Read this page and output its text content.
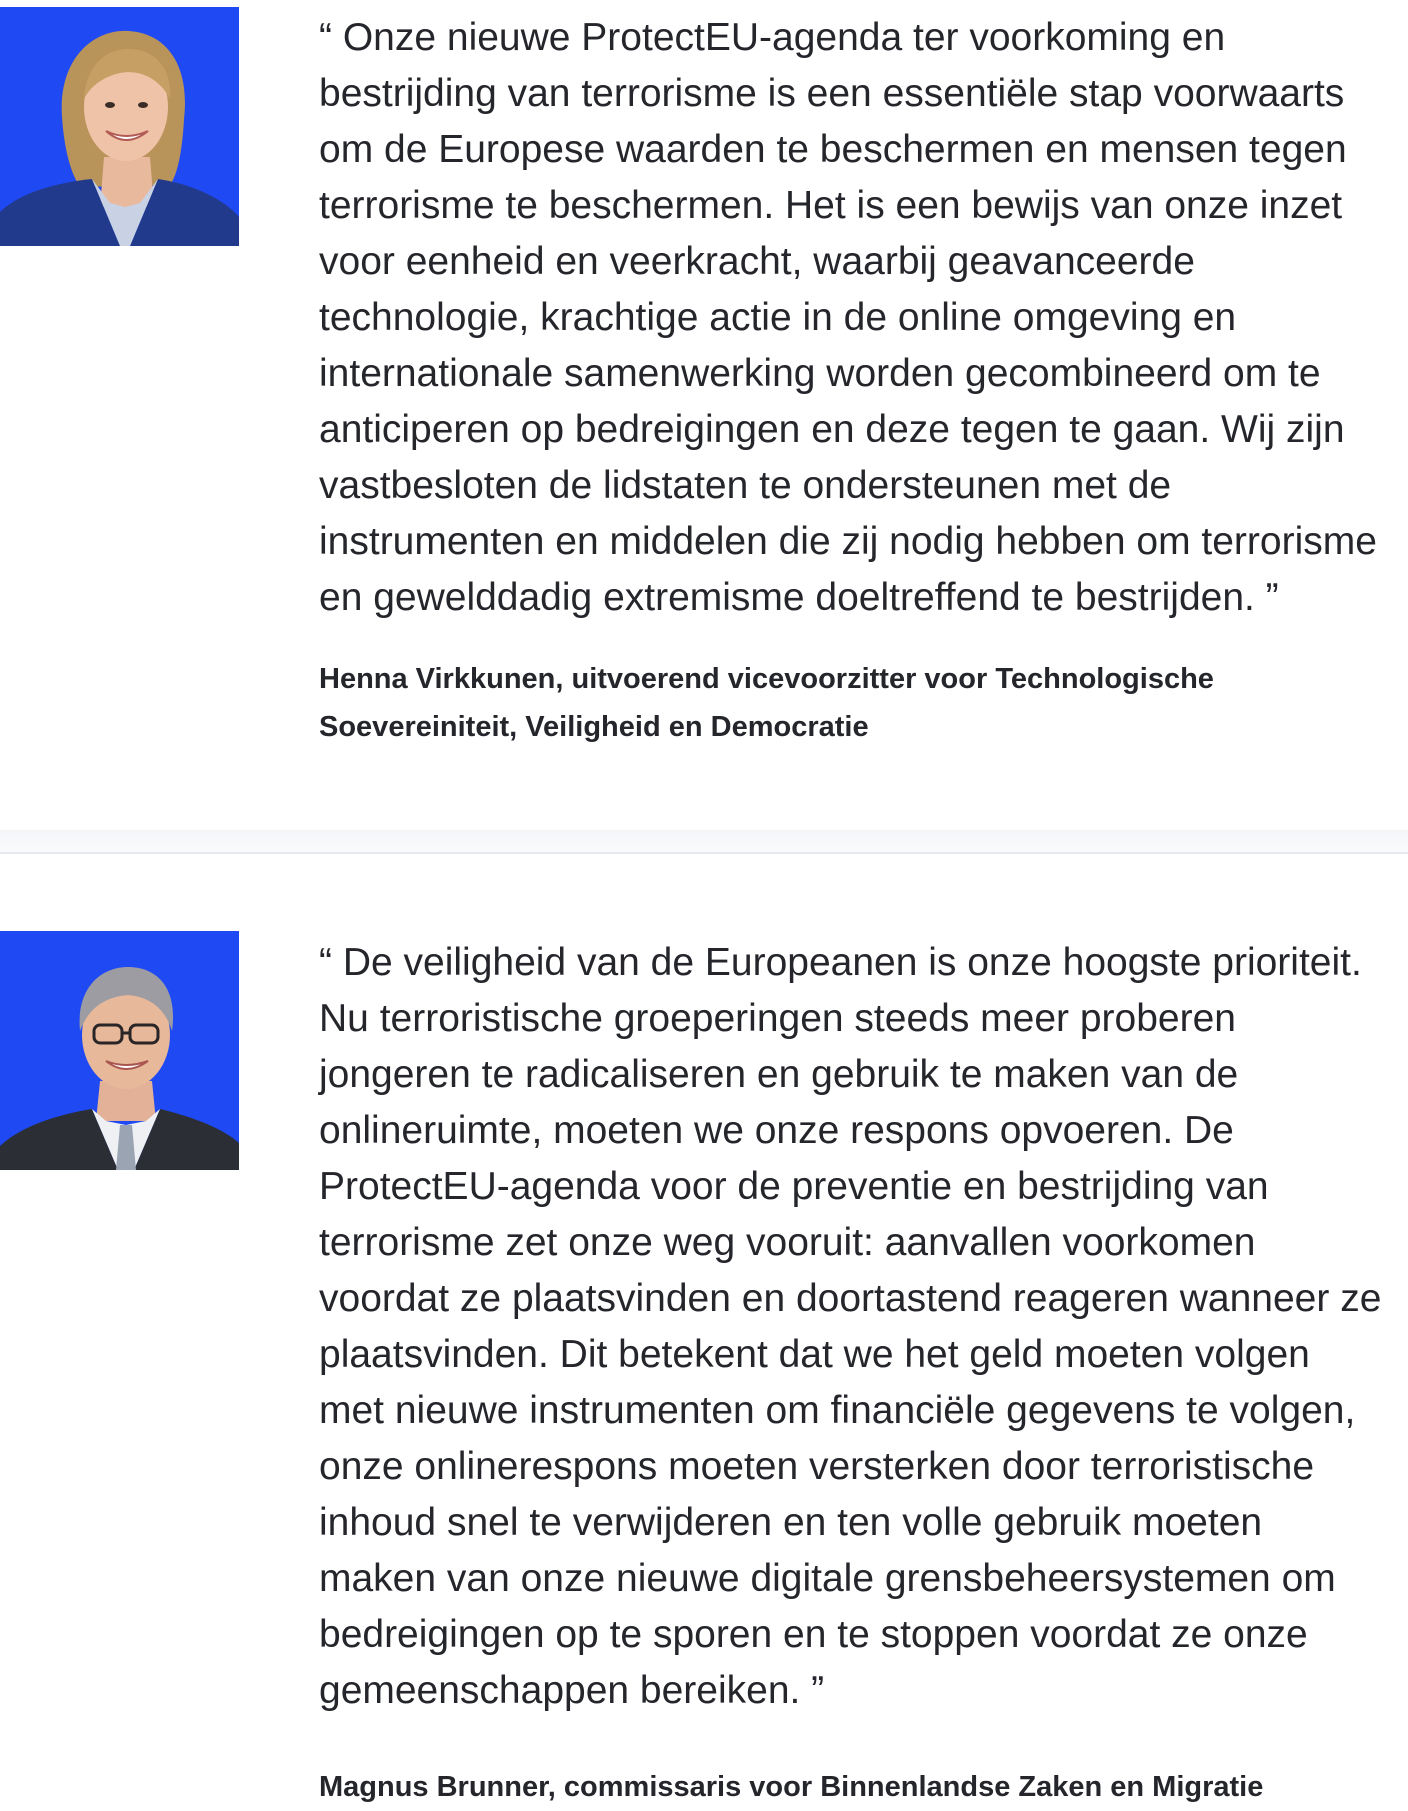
“ Onze nieuwe ProtectEU-agenda ter voorkoming en
bestrijding van terrorisme is een essentiële stap voorwaarts
om de Europese waarden te beschermen en mensen tegen
terrorisme te beschermen. Het is een bewijs van onze inzet
voor eenheid en veerkracht, waarbij geavanceerde
technologie, krachtige actie in de online omgeving en
internationale samenwerking worden gecombineerd om te
anticiperen op bedreigingen en deze tegen te gaan. Wij zijn
vastbesloten de lidstaten te ondersteunen met de
instrumenten en middelen die zij nodig hebben om terrorisme
en gewelddadig extremisme doeltreffend te bestrijden. ”

Henna Virkkunen, uitvoerend vicevoorzitter voor Technologische
Soevereiniteit, Veiligheid en Democratie

“ De veiligheid van de Europeanen is onze hoogste prioriteit.
Nu terroristische groeperingen steeds meer proberen
jongeren te radicaliseren en gebruik te maken van de
onlineruimte, moeten we onze respons opvoeren. De
ProtectEU-agenda voor de preventie en bestrijding van
terrorisme zet onze weg vooruit: aanvallen voorkomen
voordat ze plaatsvinden en doortastend reageren wanneer ze
plaatsvinden. Dit betekent dat we het geld moeten volgen
met nieuwe instrumenten om financiële gegevens te volgen,
onze onlinerespons moeten versterken door terroristische
inhoud snel te verwijderen en ten volle gebruik moeten
maken van onze nieuwe digitale grensbeheersystemen om
bedreigingen op te sporen en te stoppen voordat ze onze
gemeenschappen bereiken. ”

Magnus Brunner, commissaris voor Binnenlandse Zaken en Migratie
